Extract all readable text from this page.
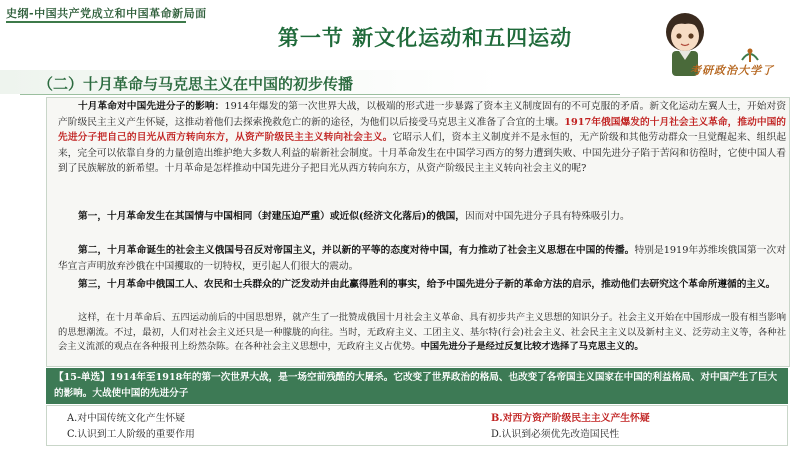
史纲-中国共产党成立和中国革命新局面
第一节 新文化运动和五四运动
考研政治大学了
（二）十月革命与马克思主义在中国的初步传播
十月革命对中国先进分子的影响：1914年爆发的第一次世界大战，以极端的形式进一步暴露了资本主义制度固有的不可克服的矛盾。新文化运动左翼人士，开始对资产阶级民主主义产生怀疑，这推动着他们去探索挽救危亡的新的途径，为他们以后接受马克思主义准备了合宜的土壤。1917年俄国爆发的十月社会主义革命，推动中国的先进分子把自己的目光从西方转向东方，从资产阶级民主主义转向社会主义。它昭示人们，资本主义制度并不是永恒的，无产阶级和其他劳动群众一旦觉醒起来、组织起来，完全可以依靠自身的力量创造出维护绝大多数人利益的崭新社会制度。十月革命发生在中国学习西方的努力遭到失败、中国先进分子陷于苦闷和彷徨时，它使中国人看到了民族解放的新希望。十月革命是怎样推动中国先进分子把目光从西方转向东方，从资产阶级民主主义转向社会主义的呢?
第一，十月革命发生在其国情与中国相同（封建压迫严重）或近似(经济文化落后)的俄国，因而对中国先进分子具有特殊吸引力。
第二，十月革命诞生的社会主义俄国号召反对帝国主义，并以新的平等的态度对待中国，有力推动了社会主义思想在中国的传播。特别是1919年苏维埃俄国第一次对华宣言声明放弃沙俄在中国攫取的一切特权，更引起人们很大的震动。
第三，十月革命中俄国工人、农民和士兵群众的广泛发动并由此赢得胜利的事实，给予中国先进分子新的革命方法的启示，推动他们去研究这个革命所遵循的主义。
这样，在十月革命后、五四运动前后的中国思想界，就产生了一批赞成俄国十月社会主义革命、具有初步共产主义思想的知识分子。社会主义开始在中国形成一股有相当影响的思想潮流。不过，最初，人们对社会主义还只是一种朦胧的向往。当时，无政府主义、工团主义、基尔特(行会)社会主义、社会民主主义以及新村主义、泛劳动主义等，各种社会主义流派的观点在各种报刊上纷然杂陈。在各种社会主义思想中，无政府主义占优势。中国先进分子是经过反复比较才选择了马克思主义的。
【15-单选】1914年至1918年的第一次世界大战，是一场空前残酷的大屠杀。它改变了世界政治的格局、也改变了各帝国主义国家在中国的利益格局、对中国产生了巨大的影响。大战使中国的先进分子
A.对中国传统文化产生怀疑	B.对西方资产阶级民主主义产生怀疑
C.认识到工人阶级的重要作用	D.认识到必须优先改造国民性
